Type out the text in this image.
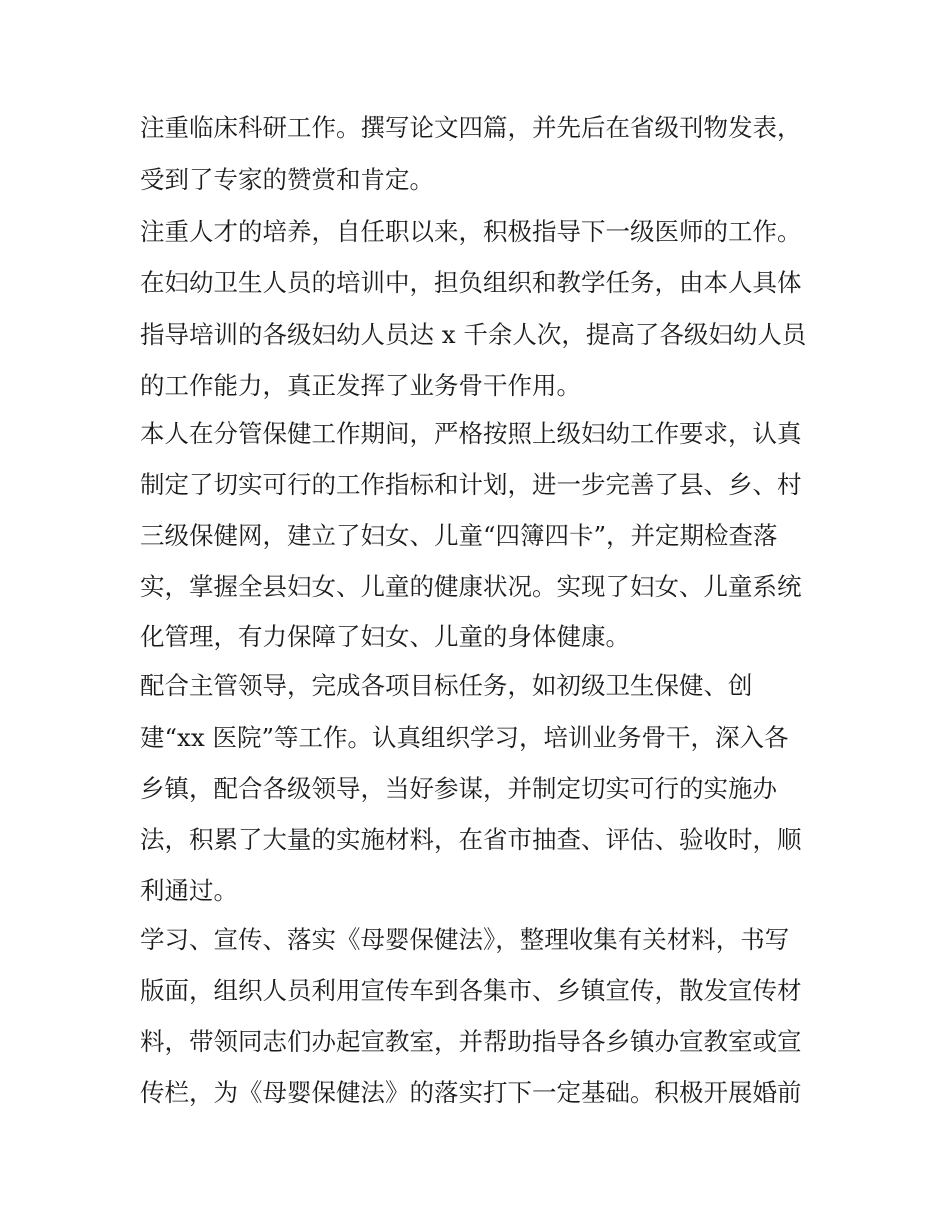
注重临床科研工作。撰写论文四篇，并先后在省级刊物发表，
受到了专家的赞赏和肯定。
注重人才的培养，自任职以来，积极指导下一级医师的工作。
在妇幼卫生人员的培训中，担负组织和教学任务，由本人具体
指导培训的各级妇幼人员达 x 千余人次，提高了各级妇幼人员
的工作能力，真正发挥了业务骨干作用。
本人在分管保健工作期间，严格按照上级妇幼工作要求，认真
制定了切实可行的工作指标和计划，进一步完善了县、乡、村
三级保健网，建立了妇女、儿童“四簿四卡”，并定期检查落
实，掌握全县妇女、儿童的健康状况。实现了妇女、儿童系统
化管理，有力保障了妇女、儿童的身体健康。
配合主管领导，完成各项目标任务，如初级卫生保健、创
建“xx 医院”等工作。认真组织学习，培训业务骨干，深入各
乡镇，配合各级领导，当好参谋，并制定切实可行的实施办
法，积累了大量的实施材料，在省市抽查、评估、验收时，顺
利通过。
学习、宣传、落实《母婴保健法》，整理收集有关材料，书写
版面，组织人员利用宣传车到各集市、乡镇宣传，散发宣传材
料，带领同志们办起宣教室，并帮助指导各乡镇办宣教室或宣
传栏，为《母婴保健法》的落实打下一定基础。积极开展婚前
